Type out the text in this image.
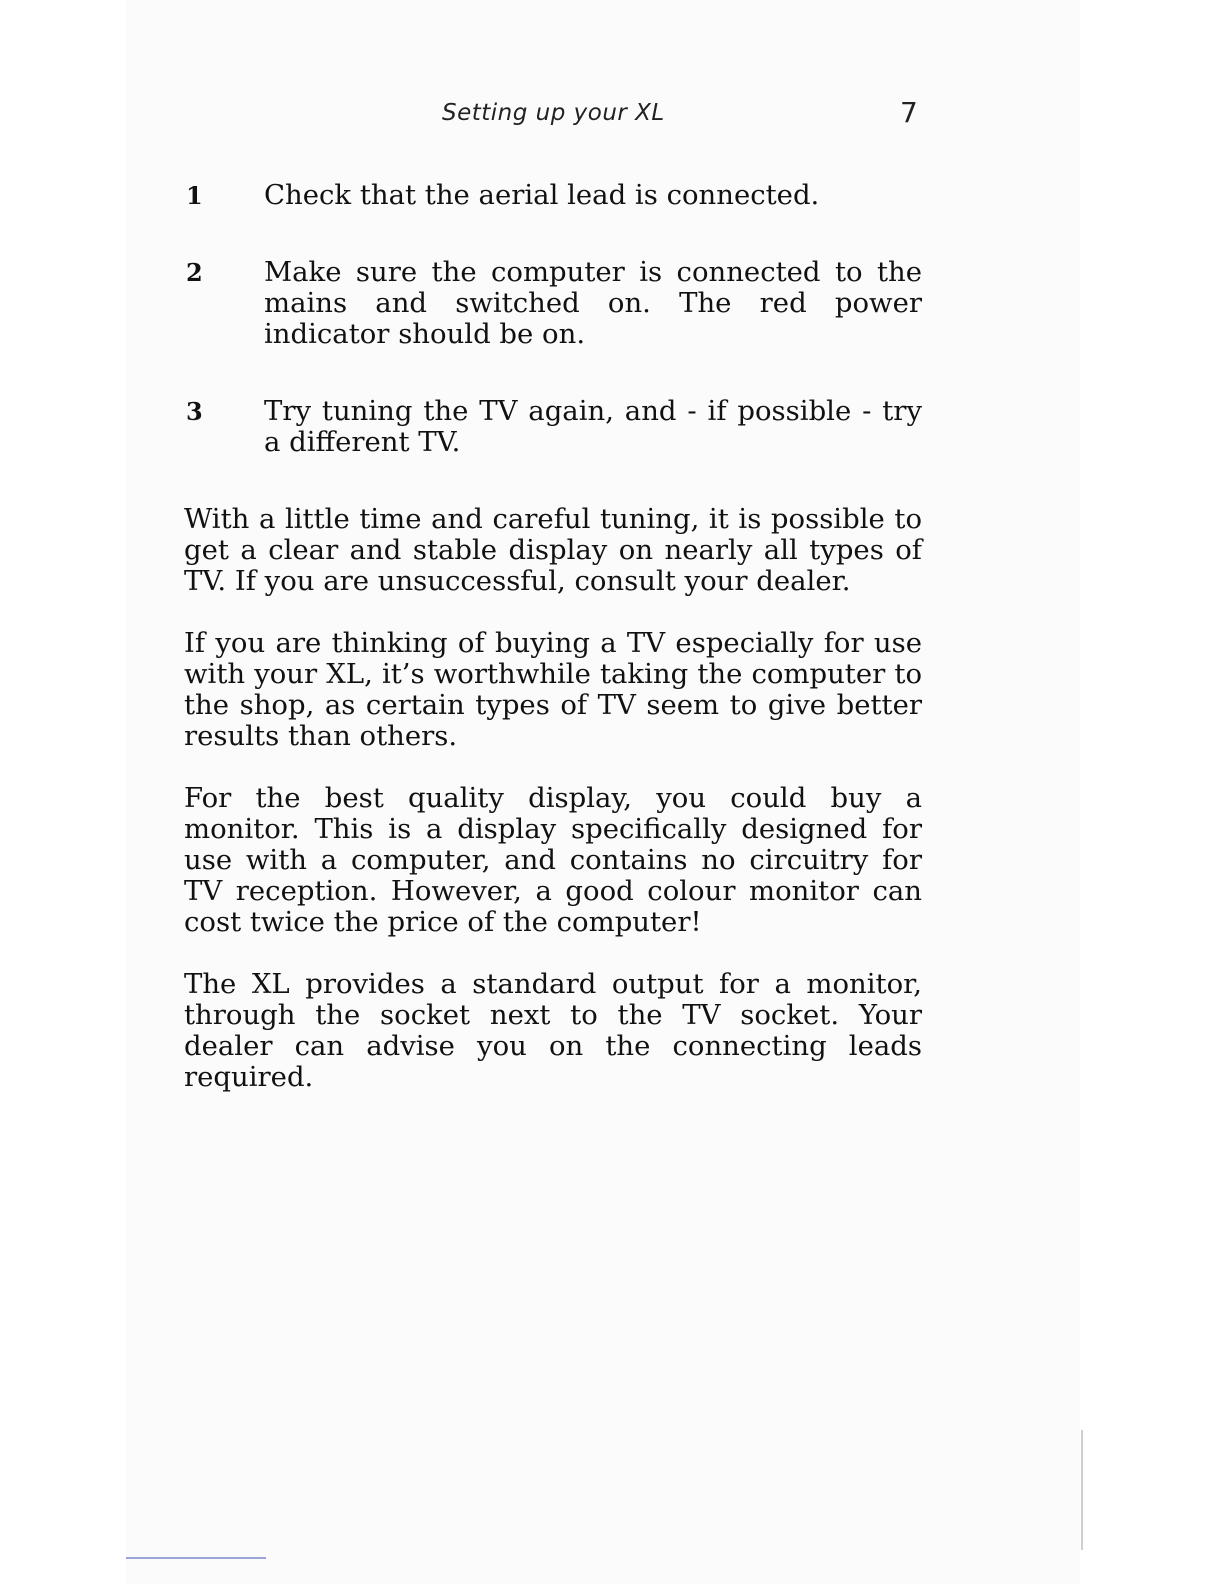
Setting up your XL	7
1	Check that the aerial lead is connected.
2	Make sure the computer is connected to the mains and switched on. The red power indicator should be on.
3	Try tuning the TV again, and - if possible - try a different TV.

With a little time and careful tuning, it is possible to get a clear and stable display on nearly all types of TV. If you are unsuccessful, consult your dealer.

If you are thinking of buying a TV especially for use with your XL, it’s worthwhile taking the computer to the shop, as certain types of TV seem to give better results than others.

For the best quality display, you could buy a monitor. This is a display specifically designed for use with a computer, and contains no circuitry for TV reception. However, a good colour monitor can cost twice the price of the computer!

The XL provides a standard output for a monitor, through the socket next to the TV socket. Your dealer can advise you on the connecting leads required.
